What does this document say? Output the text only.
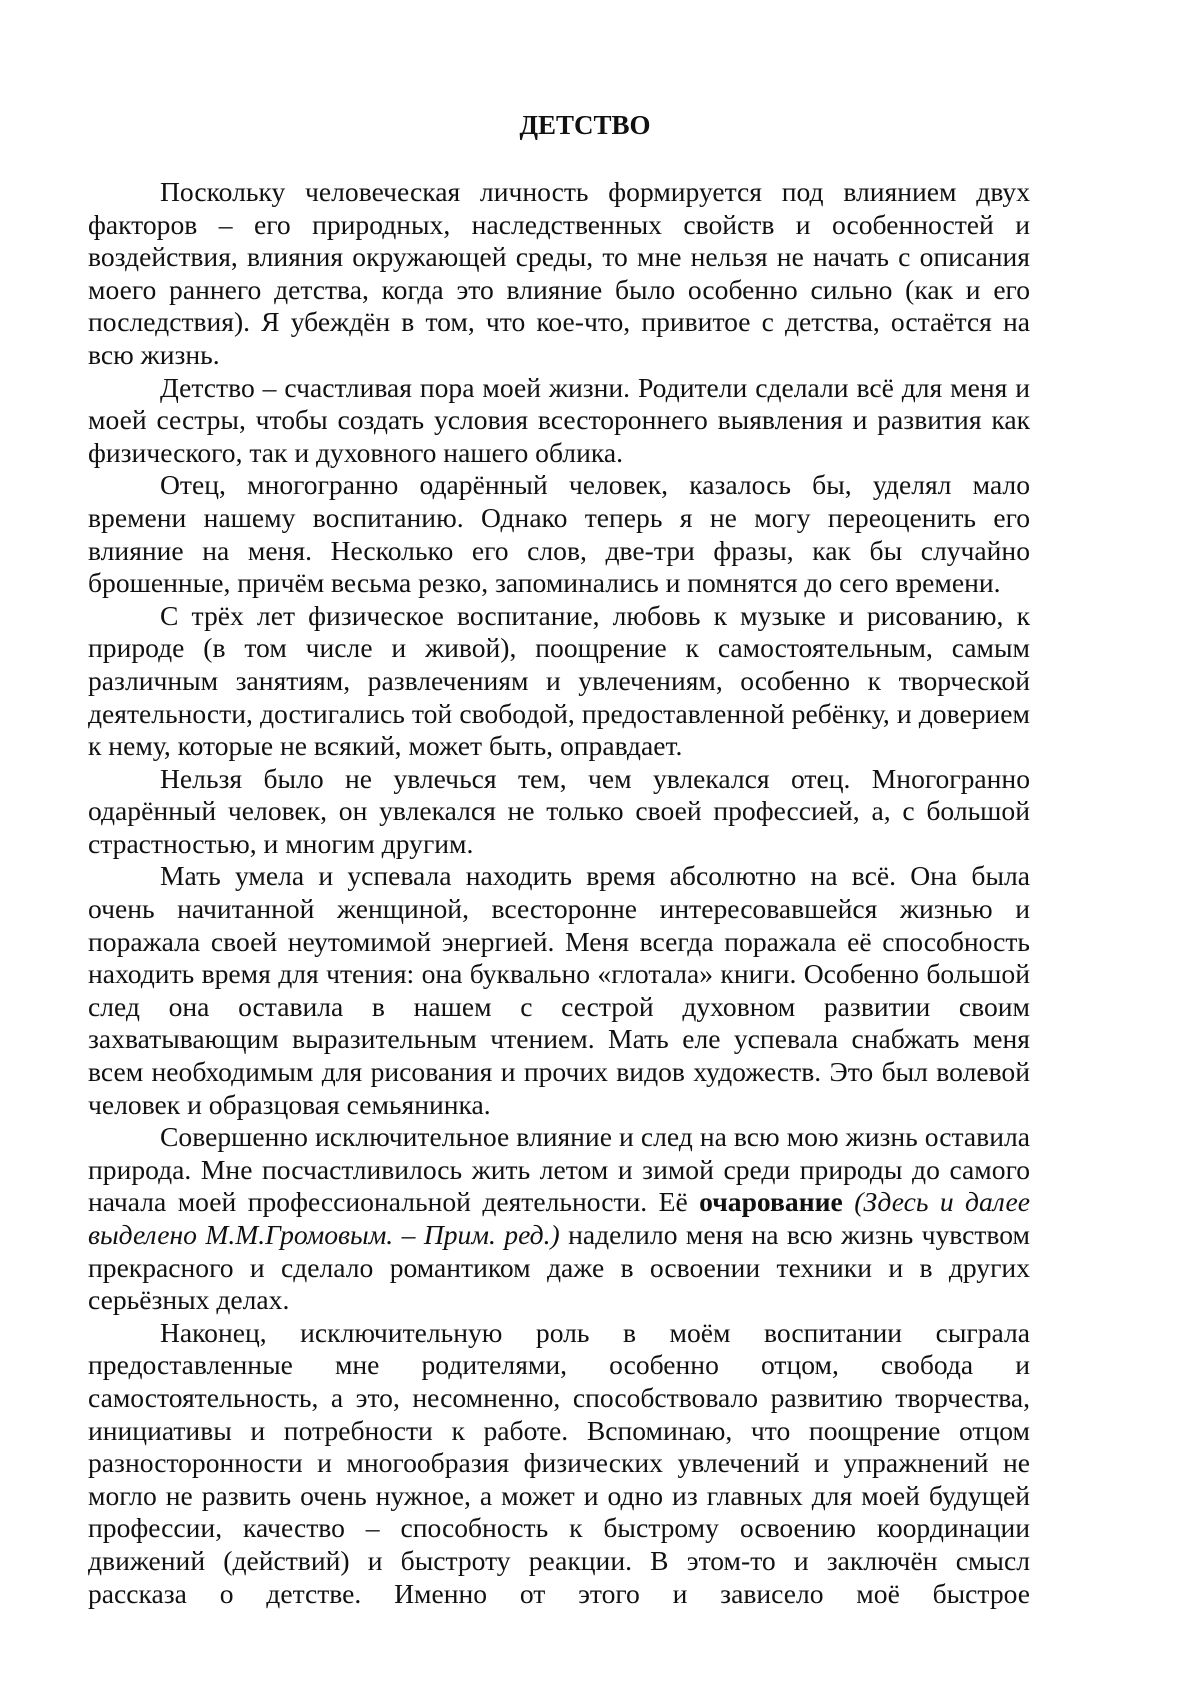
ДЕТСТВО

Поскольку человеческая личность формируется под влиянием двух факторов – его природных, наследственных свойств и особенностей и воздействия, влияния окружающей среды, то мне нельзя не начать с описания моего раннего детства, когда это влияние было особенно сильно (как и его последствия). Я убеждён в том, что кое-что, привитое с детства, остаётся на всю жизнь.

Детство – счастливая пора моей жизни. Родители сделали всё для меня и моей сестры, чтобы создать условия всестороннего выявления и развития как физического, так и духовного нашего облика.

Отец, многогранно одарённый человек, казалось бы, уделял мало времени нашему воспитанию. Однако теперь я не могу переоценить его влияние на меня. Несколько его слов, две-три фразы, как бы случайно брошенные, причём весьма резко, запоминались и помнятся до сего времени.

С трёх лет физическое воспитание, любовь к музыке и рисованию, к природе (в том числе и живой), поощрение к самостоятельным, самым различным занятиям, развлечениям и увлечениям, особенно к творческой деятельности, достигались той свободой, предоставленной ребёнку, и доверием к нему, которые не всякий, может быть, оправдает.

Нельзя было не увлечься тем, чем увлекался отец. Многогранно одарённый человек, он увлекался не только своей профессией, а, с большой страстностью, и многим другим.

Мать умела и успевала находить время абсолютно на всё. Она была очень начитанной женщиной, всесторонне интересовавшейся жизнью и поражала своей неутомимой энергией. Меня всегда поражала её способность находить время для чтения: она буквально «глотала» книги. Особенно большой след она оставила в нашем с сестрой духовном развитии своим захватывающим выразительным чтением. Мать еле успевала снабжать меня всем необходимым для рисования и прочих видов художеств. Это был волевой человек и образцовая семьянинка.

Совершенно исключительное влияние и след на всю мою жизнь оставила природа. Мне посчастливилось жить летом и зимой среди природы до самого начала моей профессиональной деятельности. Её очарование (Здесь и далее выделено М.М.Громовым. – Прим. ред.) наделило меня на всю жизнь чувством прекрасного и сделало романтиком даже в освоении техники и в других серьёзных делах.

Наконец, исключительную роль в моём воспитании сыграла предоставленные мне родителями, особенно отцом, свобода и самостоятельность, а это, несомненно, способствовало развитию творчества, инициативы и потребности к работе. Вспоминаю, что поощрение отцом разносторонности и многообразия физических увлечений и упражнений не могло не развить очень нужное, а может и одно из главных для моей будущей профессии, качество – способность к быстрому освоению координации движений (действий) и быстроту реакции. В этом-то и заключён смысл рассказа о детстве. Именно от этого и зависело моё быстрое
